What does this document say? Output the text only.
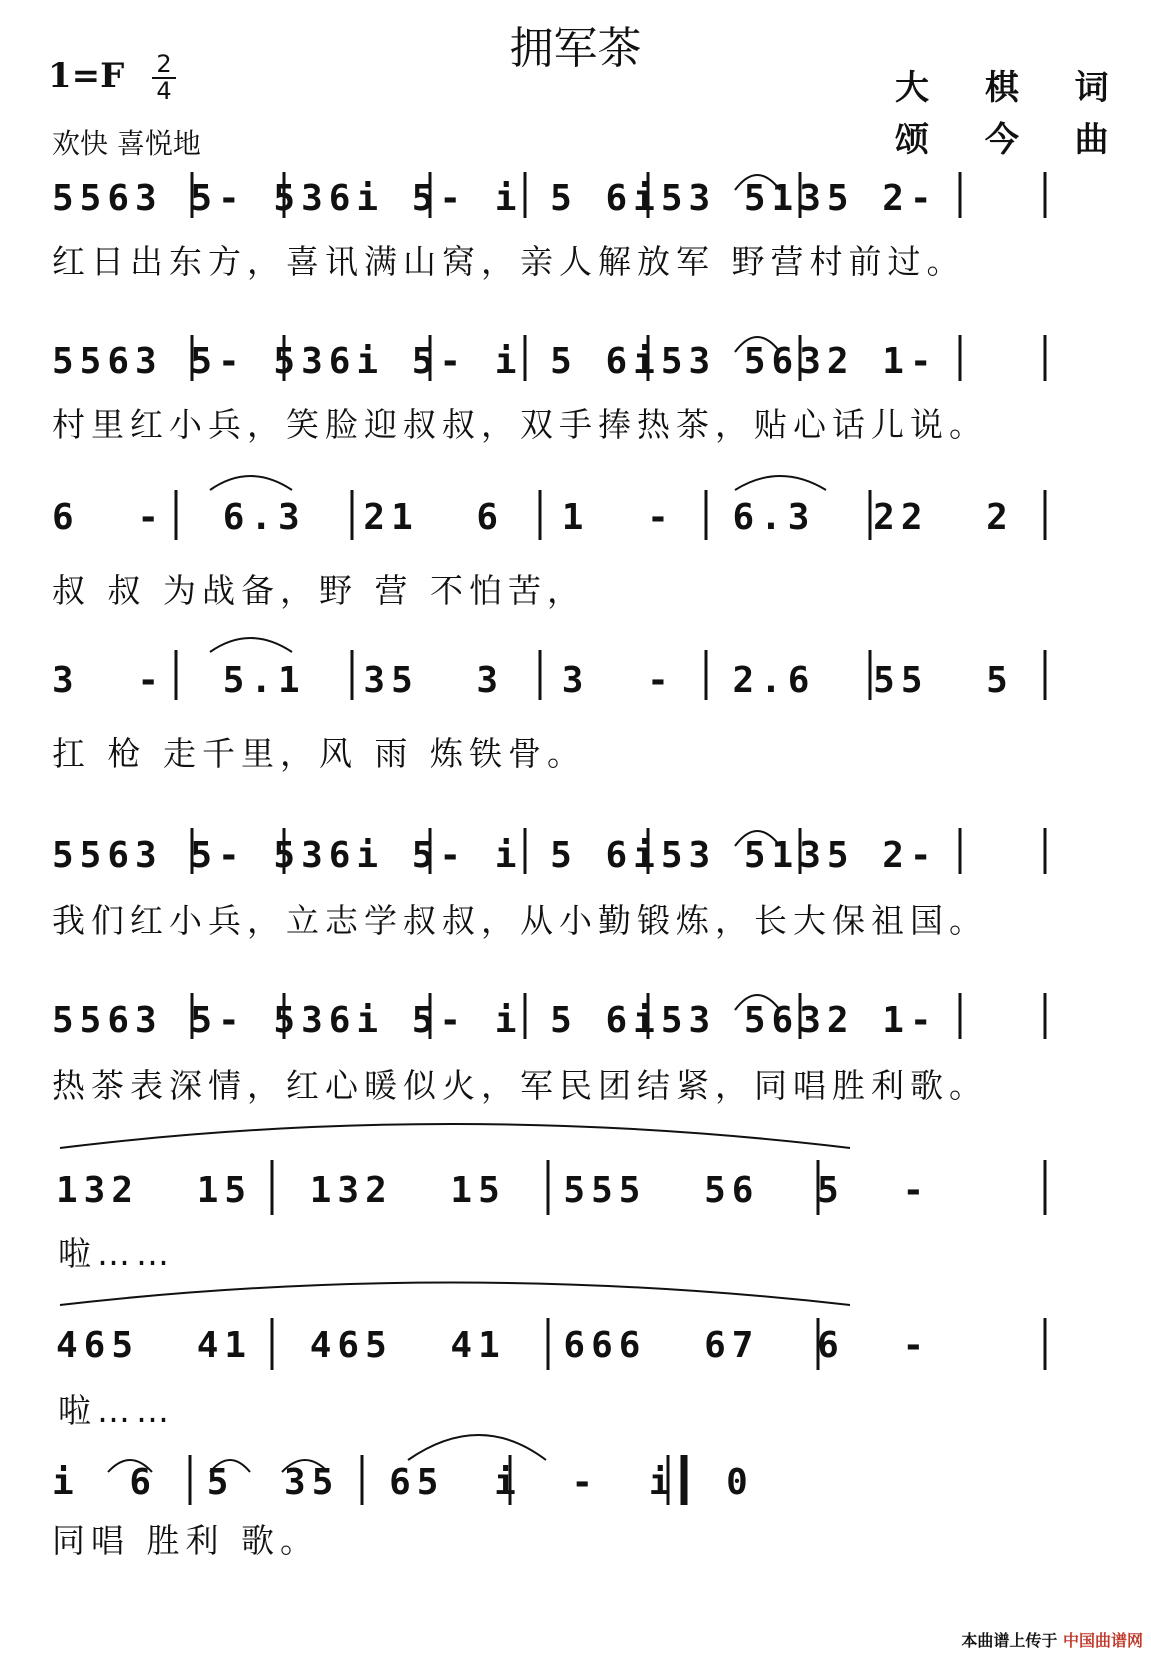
拥军茶
1=F 2
4
欢快 喜悦地
大 棋 词
颂 今 曲
5563 5- 536i 5- i 5 6i53 5135 2-
红日出东方，喜讯满山窝，亲人解放军 野营村前过。
5563 5- 536i 5- i 5 6i53 5632 1-
村里红小兵，笑脸迎叔叔，双手捧热茶，贴心话儿说。
6 - 6.3 21 6 1 - 6.3 22 2
叔 叔 为战备，野 营 不怕苦，
3 - 5.1 35 3 3 - 2.6 55 5
扛 枪 走千里，风 雨 炼铁骨。
5563 5- 536i 5- i 5 6i53 5135 2-
我们红小兵，立志学叔叔，从小勤锻炼，长大保祖国。
5563 5- 536i 5- i 5 6i53 5632 1-
热茶表深情，红心暖似火，军民团结紧，同唱胜利歌。
132 15 132 15 555 56 5 -
啦……
465 41 465 41 666 67 6 -
啦……
i 6 5 35 65 i - i 0
同唱 胜利 歌。
本曲谱上传于 中国曲谱网
